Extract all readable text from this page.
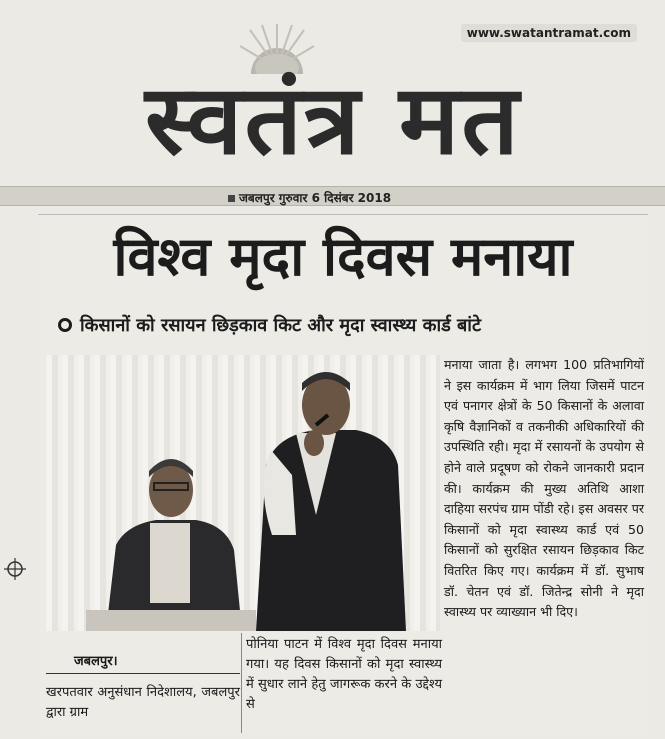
www.swatantramat.com
स्वतंत्र मत
जबलपुर गुरुवार 6 दिसंबर 2018
विश्व मृदा दिवस मनाया
किसानों को रसायन छिड़काव किट और मृदा स्वास्थ्य कार्ड बांटे
मनाया जाता है। लगभग 100 प्रतिभागियों ने इस कार्यक्रम में भाग लिया जिसमें पाटन एवं पनागर क्षेत्रों के 50 किसानों के अलावा कृषि वैज्ञानिकों व तकनीकी अधिकारियों की उपस्थिति रही। मृदा में रसायनों के उपयोग से होने वाले प्रदूषण को रोकने जानकारी प्रदान की। कार्यक्रम की मुख्य अतिथि आशा दाहिया सरपंच ग्राम पोंडी रहे। इस अवसर पर किसानों को मृदा स्वास्थ्य कार्ड एवं 50 किसानों को सुरक्षित रसायन छिड़काव किट वितरित किए गए। कार्यक्रम में डॉ. सुभाष डॉ. चेतन एवं डॉ. जितेन्द्र सोनी ने मृदा स्वास्थ्य पर व्याख्यान भी दिए।
जबलपुर।
खरपतवार अनुसंधान निदेशालय, जबलपुर द्वारा ग्राम
पोनिया पाटन में विश्व मृदा दिवस मनाया गया। यह दिवस किसानों को मृदा स्वास्थ्य में सुधार लाने हेतु जागरूक करने के उद्देश्य से
